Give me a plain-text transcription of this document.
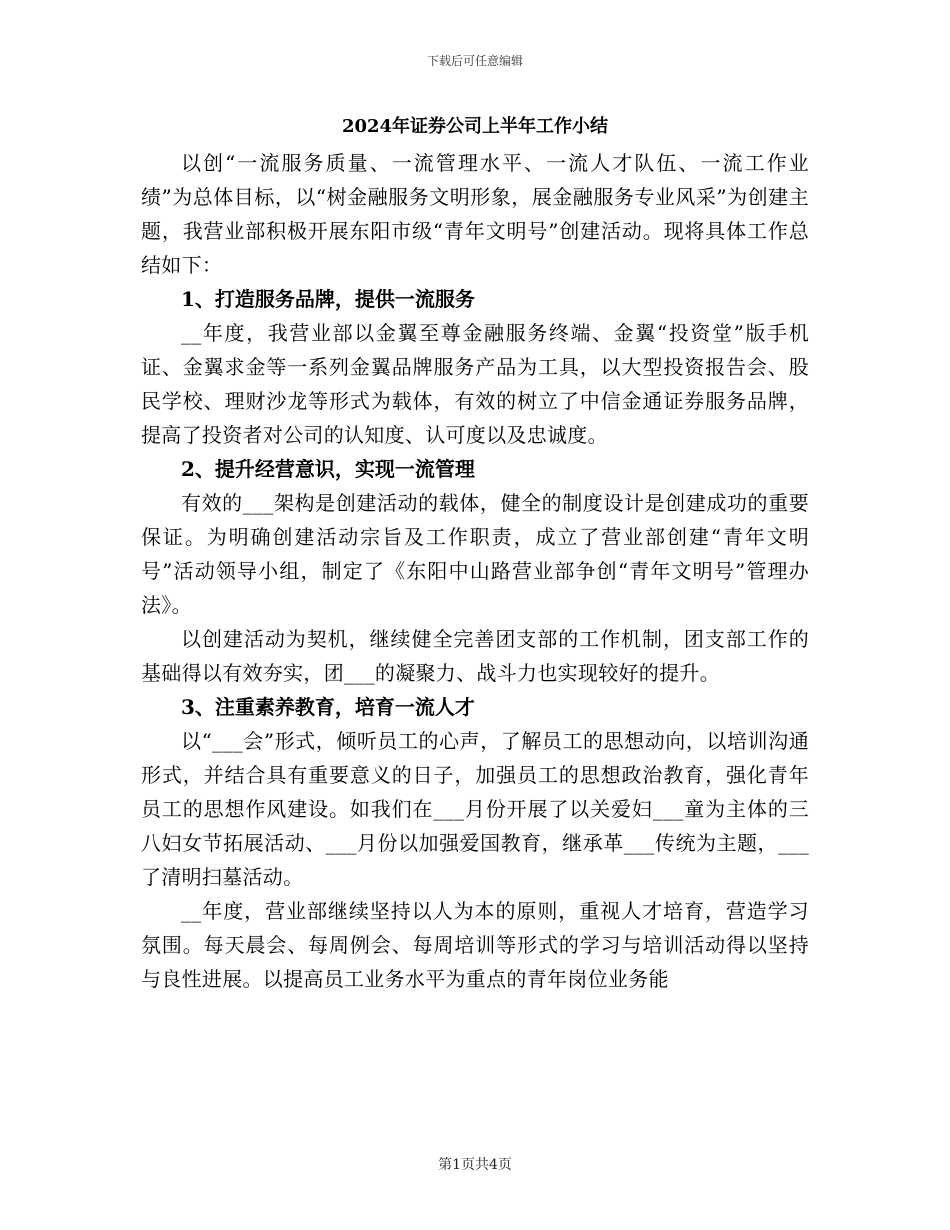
下载后可任意编辑
2024年证券公司上半年工作小结

以创“一流服务质量、一流管理水平、一流人才队伍、一流工作业绩”为总体目标，以“树金融服务文明形象，展金融服务专业风采”为创建主题，我营业部积极开展东阳市级“青年文明号”创建活动。现将具体工作总结如下：

1、打造服务品牌，提供一流服务

__年度，我营业部以金翼至尊金融服务终端、金翼“投资堂”版手机证、金翼求金等一系列金翼品牌服务产品为工具，以大型投资报告会、股民学校、理财沙龙等形式为载体，有效的树立了中信金通证券服务品牌，提高了投资者对公司的认知度、认可度以及忠诚度。

2、提升经营意识，实现一流管理

有效的___架构是创建活动的载体，健全的制度设计是创建成功的重要保证。为明确创建活动宗旨及工作职责，成立了营业部创建“青年文明号”活动领导小组，制定了《东阳中山路营业部争创“青年文明号”管理办法》。

以创建活动为契机，继续健全完善团支部的工作机制，团支部工作的基础得以有效夯实，团___的凝聚力、战斗力也实现较好的提升。

3、注重素养教育，培育一流人才

以“___会”形式，倾听员工的心声，了解员工的思想动向，以培训沟通形式，并结合具有重要意义的日子，加强员工的思想政治教育，强化青年员工的思想作风建设。如我们在___月份开展了以关爱妇___童为主体的三八妇女节拓展活动、___月份以加强爱国教育，继承革___传统为主题，___了清明扫墓活动。

__年度，营业部继续坚持以人为本的原则，重视人才培育，营造学习氛围。每天晨会、每周例会、每周培训等形式的学习与培训活动得以坚持与良性进展。以提高员工业务水平为重点的青年岗位业务能

第1页共4页
